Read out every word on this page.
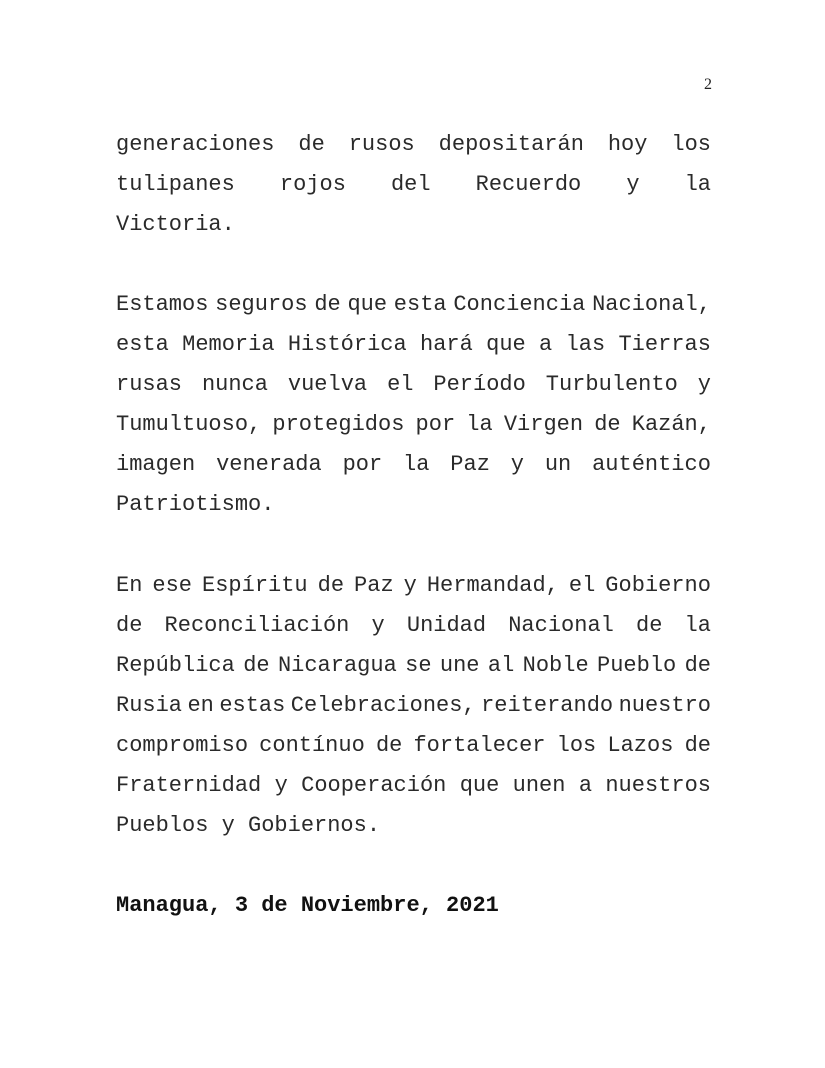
2
generaciones de rusos depositarán hoy los
tulipanes rojos del Recuerdo y la
Victoria.
Estamos seguros de que esta Conciencia Nacional,
esta Memoria Histórica hará que a las Tierras
rusas nunca vuelva el Período Turbulento y
Tumultuoso, protegidos por la Virgen de Kazán,
imagen venerada por la Paz y un auténtico
Patriotismo.
En ese Espíritu de Paz y Hermandad, el Gobierno
de Reconciliación y Unidad Nacional de la
República de Nicaragua se une al Noble Pueblo de
Rusia en estas Celebraciones, reiterando nuestro
compromiso contínuo de fortalecer los Lazos de
Fraternidad y Cooperación que unen a nuestros
Pueblos y Gobiernos.
Managua, 3 de Noviembre, 2021
